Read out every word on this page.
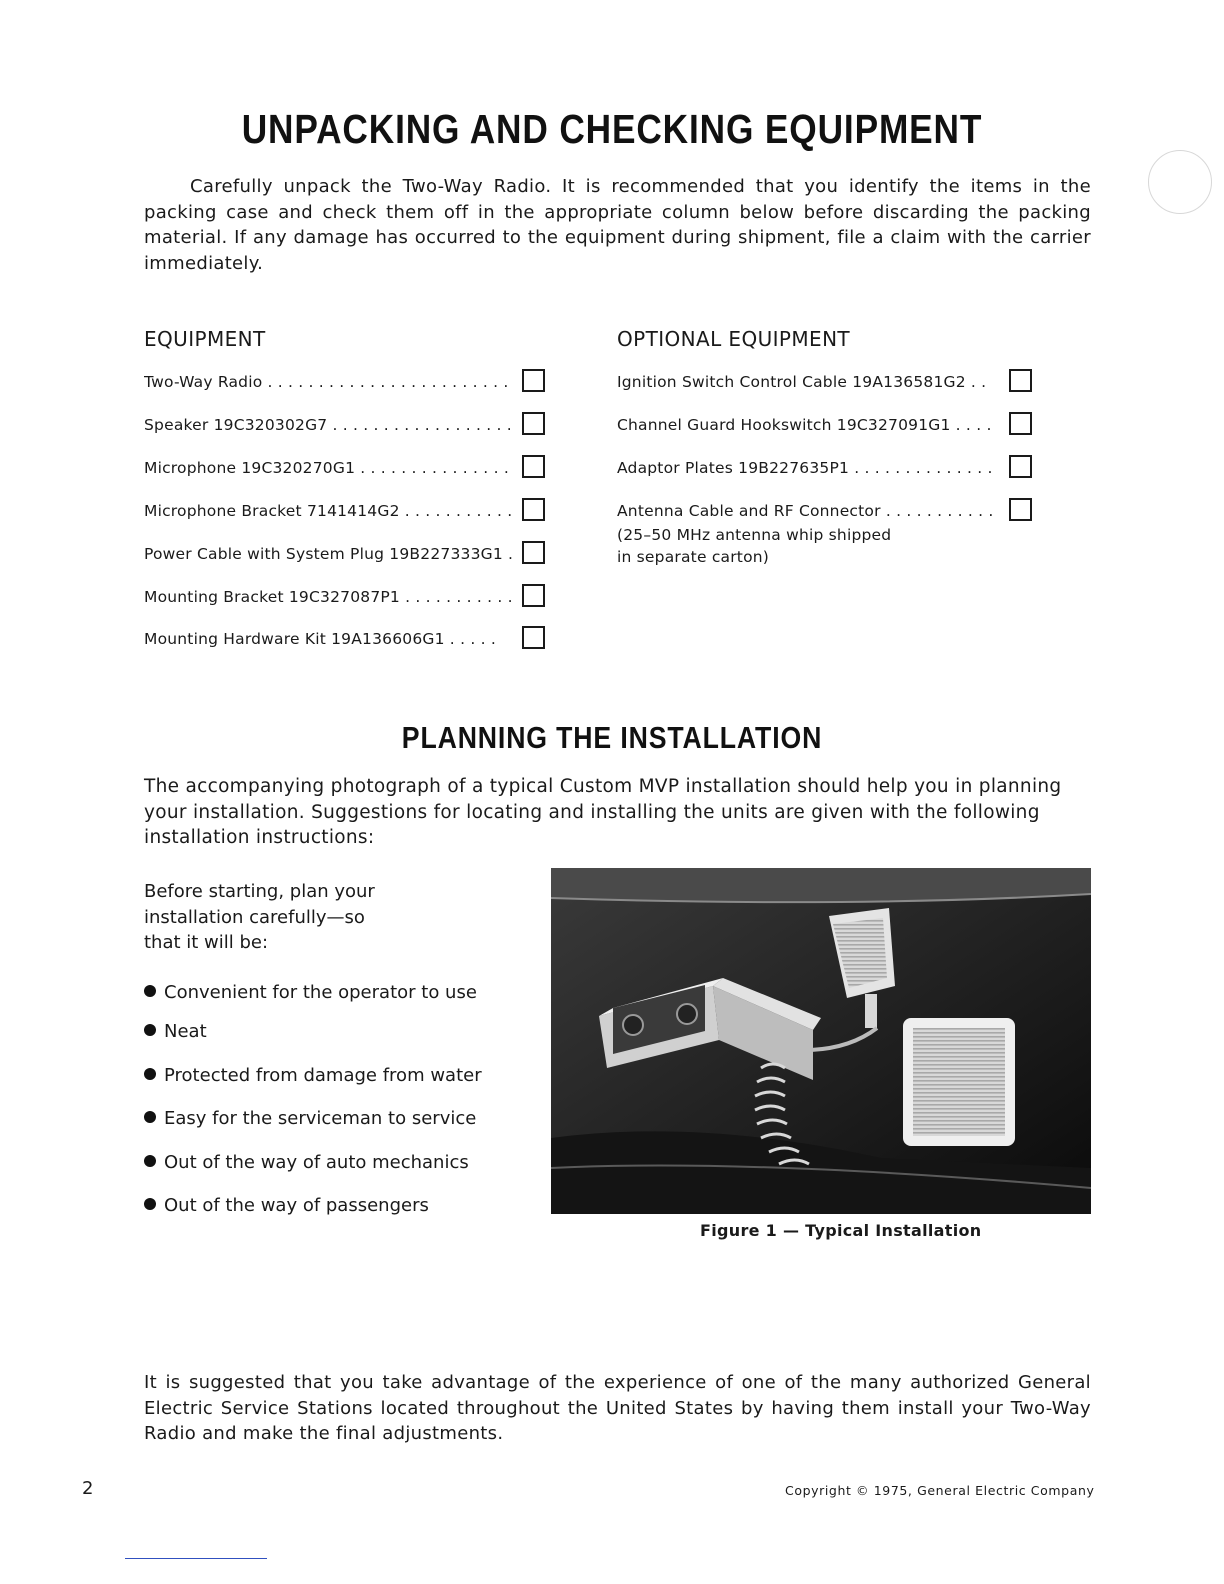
UNPACKING AND CHECKING EQUIPMENT

Carefully unpack the Two-Way Radio. It is recommended that you identify the items in the packing case and check them off in the appropriate column below before discarding the packing material. If any damage has occurred to the equipment during shipment, file a claim with the carrier immediately.

EQUIPMENT	OPTIONAL EQUIPMENT
Two-Way Radio . . . . . . . . . . . . . . . . . . . . . . . .
Speaker 19C320302G7 . . . . . . . . . . . . . . . . . .
Microphone 19C320270G1 . . . . . . . . . . . . . . .
Microphone Bracket 7141414G2 . . . . . . . . . . .
Power Cable with System Plug 19B227333G1 .
Mounting Bracket 19C327087P1 . . . . . . . . . . .
Mounting Hardware Kit 19A136606G1 . . . . .
Ignition Switch Control Cable 19A136581G2 . .
Channel Guard Hookswitch 19C327091G1 . . . .
Adaptor Plates 19B227635P1 . . . . . . . . . . . . . .
Antenna Cable and RF Connector . . . . . . . . . . .
(25–50 MHz antenna whip shipped
in separate carton)
PLANNING THE INSTALLATION

The accompanying photograph of a typical Custom MVP installation should help you in planning your installation. Suggestions for locating and installing the units are given with the following installation instructions:

Before starting, plan your
installation carefully—so
that it will be:
Convenient for the operator to use
Neat
Protected from damage from water
Easy for the serviceman to service
Out of the way of auto mechanics
Out of the way of passengers
Figure 1 — Typical Installation

It is suggested that you take advantage of the experience of one of the many authorized General Electric Service Stations located throughout the United States by having them install your Two-Way Radio and make the final adjustments.

2	Copyright © 1975, General Electric Company
